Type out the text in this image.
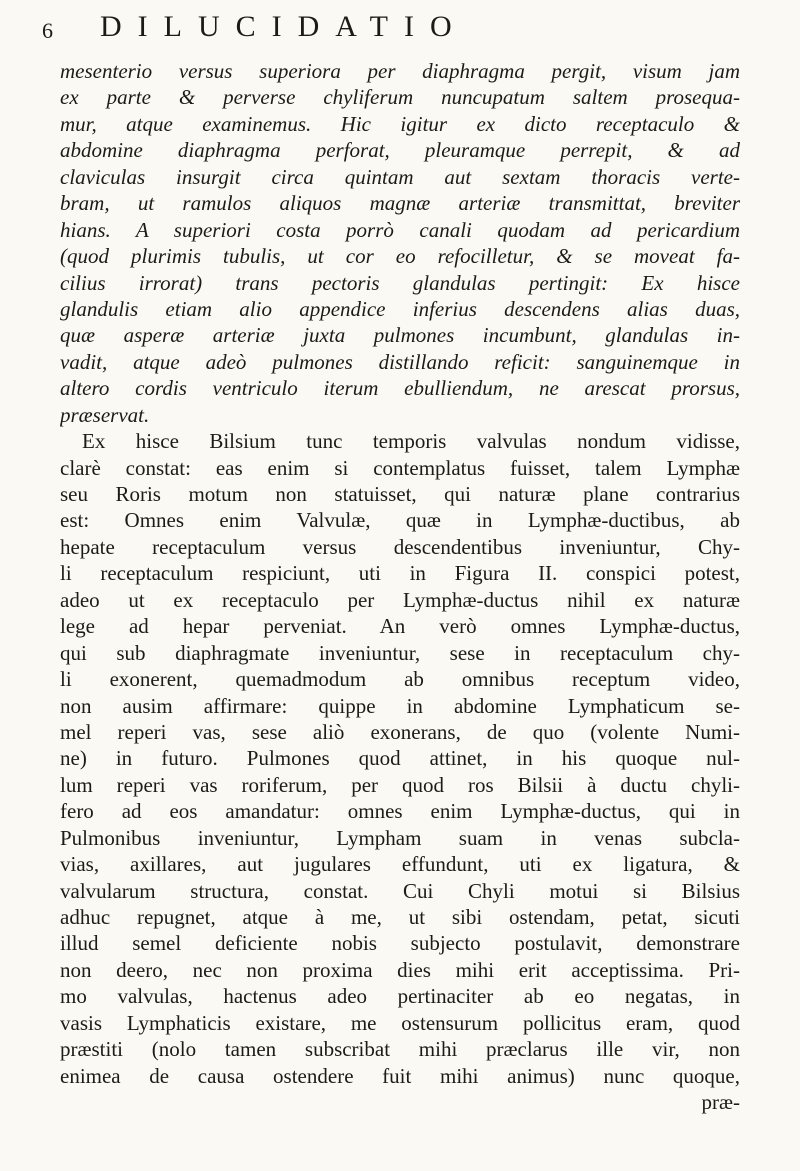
6 DILUCIDATIO
mesenterio versus superiora per diaphragma pergit, visum jam
ex parte & perverse chyliferum nuncupatum saltem prosequa-
mur, atque examinemus. Hic igitur ex dicto receptaculo &
abdomine diaphragma perforat, pleuramque perrepit, & ad
claviculas insurgit circa quintam aut sextam thoracis verte-
bram, ut ramulos aliquos magnæ arteriæ transmittat, breviter
hians. A superiori costa porrò canali quodam ad pericardium
(quod plurimis tubulis, ut cor eo refocilletur, & se moveat fa-
cilius irrorat) trans pectoris glandulas pertingit: Ex hisce
glandulis etiam alio appendice inferius descendens alias duas,
quæ asperæ arteriæ juxta pulmones incumbunt, glandulas in-
vadit, atque adeò pulmones distillando reficit: sanguinemque in
altero cordis ventriculo iterum ebulliendum, ne arescat prorsus,
præservat.
Ex hisce Bilsium tunc temporis valvulas nondum vidisse,
clarè constat: eas enim si contemplatus fuisset, talem Lymphæ
seu Roris motum non statuisset, qui naturæ plane contrarius
est: Omnes enim Valvulæ, quæ in Lymphæ-ductibus, ab
hepate receptaculum versus descendentibus inveniuntur, Chy-
li receptaculum respiciunt, uti in Figura II. conspici potest,
adeo ut ex receptaculo per Lymphæ-ductus nihil ex naturæ
lege ad hepar perveniat. An verò omnes Lymphæ-ductus,
qui sub diaphragmate inveniuntur, sese in receptaculum chy-
li exonerent, quemadmodum ab omnibus receptum video,
non ausim affirmare: quippe in abdomine Lymphaticum se-
mel reperi vas, sese aliò exonerans, de quo (volente Numi-
ne) in futuro. Pulmones quod attinet, in his quoque nul-
lum reperi vas roriferum, per quod ros Bilsii à ductu chyli-
fero ad eos amandatur: omnes enim Lymphæ-ductus, qui in
Pulmonibus inveniuntur, Lympham suam in venas subcla-
vias, axillares, aut jugulares effundunt, uti ex ligatura, &
valvularum structura, constat. Cui Chyli motui si Bilsius
adhuc repugnet, atque à me, ut sibi ostendam, petat, sicuti
illud semel deficiente nobis subjecto postulavit, demonstrare
non deero, nec non proxima dies mihi erit acceptissima. Pri-
mo valvulas, hactenus adeo pertinaciter ab eo negatas, in
vasis Lymphaticis existare, me ostensurum pollicitus eram, quod
præstiti (nolo tamen subscribat mihi præclarus ille vir, non
enimea de causa ostendere fuit mihi animus) nunc quoque,
præ-
